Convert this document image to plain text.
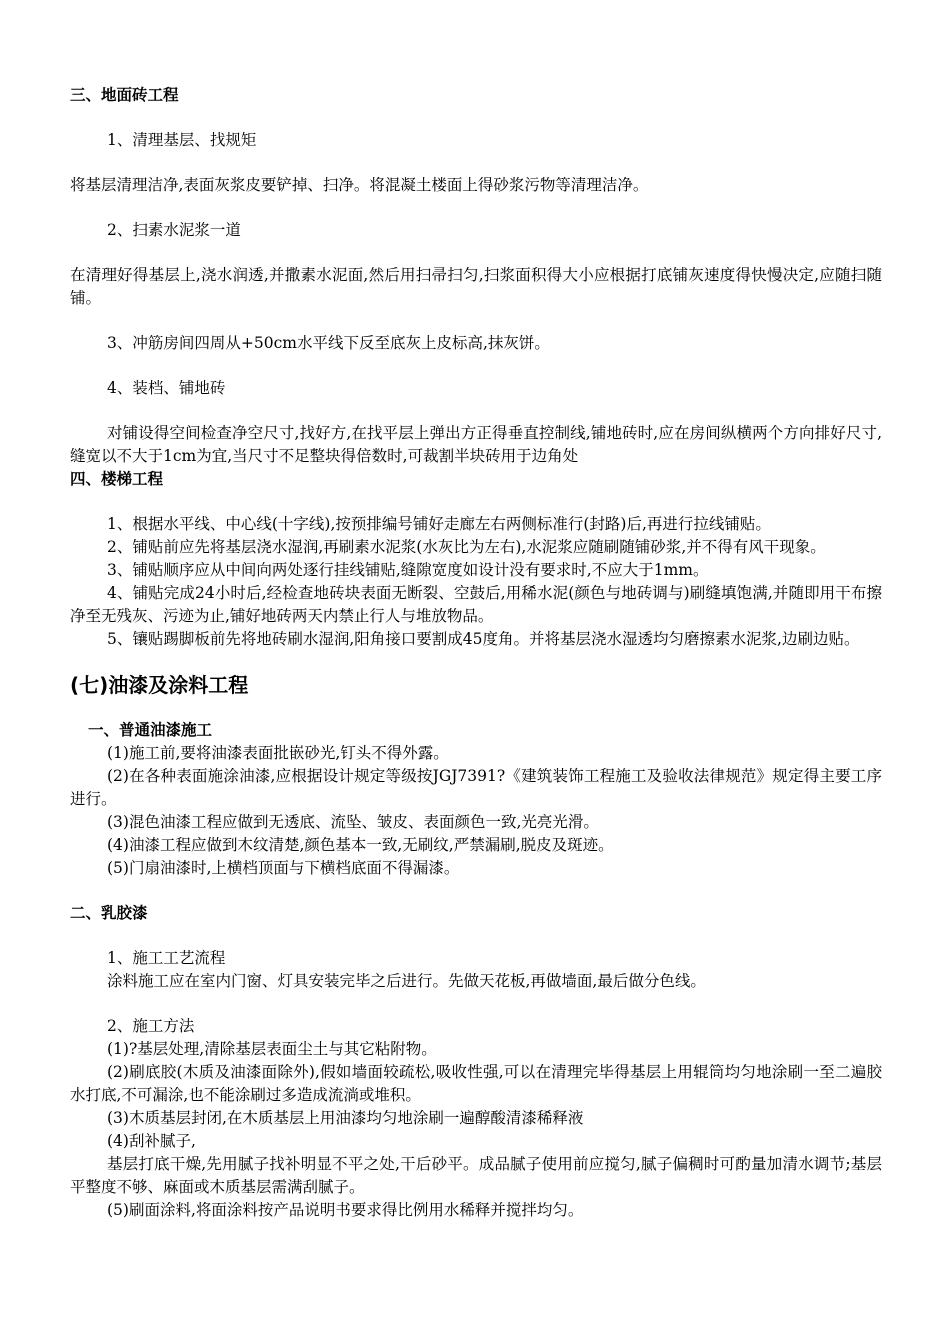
三、地面砖工程

1、清理基层、找规矩

将基层清理洁净,表面灰浆皮要铲掉、扫净。将混凝土楼面上得砂浆污物等清理洁净。

2、扫素水泥浆一道

在清理好得基层上,浇水润透,并撒素水泥面,然后用扫帚扫匀,扫浆面积得大小应根据打底铺灰速度得快慢决定,应随扫随铺。

3、冲筋房间四周从+50cm水平线下反至底灰上皮标高,抹灰饼。

4、装档、铺地砖

对铺设得空间检查净空尺寸,找好方,在找平层上弹出方正得垂直控制线,铺地砖时,应在房间纵横两个方向排好尺寸,缝宽以不大于1cm为宜,当尺寸不足整块得倍数时,可裁割半块砖用于边角处

四、楼梯工程

1、根据水平线、中心线(十字线),按预排编号铺好走廊左右两侧标准行(封路)后,再进行拉线铺贴。

2、铺贴前应先将基层浇水湿润,再刷素水泥浆(水灰比为左右),水泥浆应随刷随铺砂浆,并不得有风干现象。

3、铺贴顺序应从中间向两处逐行挂线铺贴,缝隙宽度如设计没有要求时,不应大于1mm。

4、铺贴完成24小时后,经检查地砖块表面无断裂、空鼓后,用稀水泥(颜色与地砖调与)刷缝填饱满,并随即用干布擦净至无残灰、污迹为止,铺好地砖两天内禁止行人与堆放物品。

5、镶贴踢脚板前先将地砖刷水湿润,阳角接口要割成45度角。并将基层浇水湿透均匀磨擦素水泥浆,边刷边贴。

(七)油漆及涂料工程

一、普通油漆施工

(1)施工前,要将油漆表面批嵌砂光,钉头不得外露。

(2)在各种表面施涂油漆,应根据设计规定等级按JGJ7391?《建筑装饰工程施工及验收法律规范》规定得主要工序进行。

(3)混色油漆工程应做到无透底、流坠、皱皮、表面颜色一致,光亮光滑。

(4)油漆工程应做到木纹清楚,颜色基本一致,无刷纹,严禁漏刷,脱皮及斑迹。

(5)门扇油漆时,上横档顶面与下横档底面不得漏漆。

二、乳胶漆

1、施工工艺流程

涂料施工应在室内门窗、灯具安装完毕之后进行。先做天花板,再做墙面,最后做分色线。

2、施工方法

(1)?基层处理,清除基层表面尘土与其它粘附物。

(2)刷底胶(木质及油漆面除外),假如墙面较疏松,吸收性强,可以在清理完毕得基层上用辊筒均匀地涂刷一至二遍胶水打底,不可漏涂,也不能涂刷过多造成流淌或堆积。

(3)木质基层封闭,在木质基层上用油漆均匀地涂刷一遍醇酸清漆稀释液

(4)刮补腻子,

基层打底干燥,先用腻子找补明显不平之处,干后砂平。成品腻子使用前应搅匀,腻子偏稠时可酌量加清水调节;基层平整度不够、麻面或木质基层需满刮腻子。

(5)刷面涂料,将面涂料按产品说明书要求得比例用水稀释并搅拌均匀。
